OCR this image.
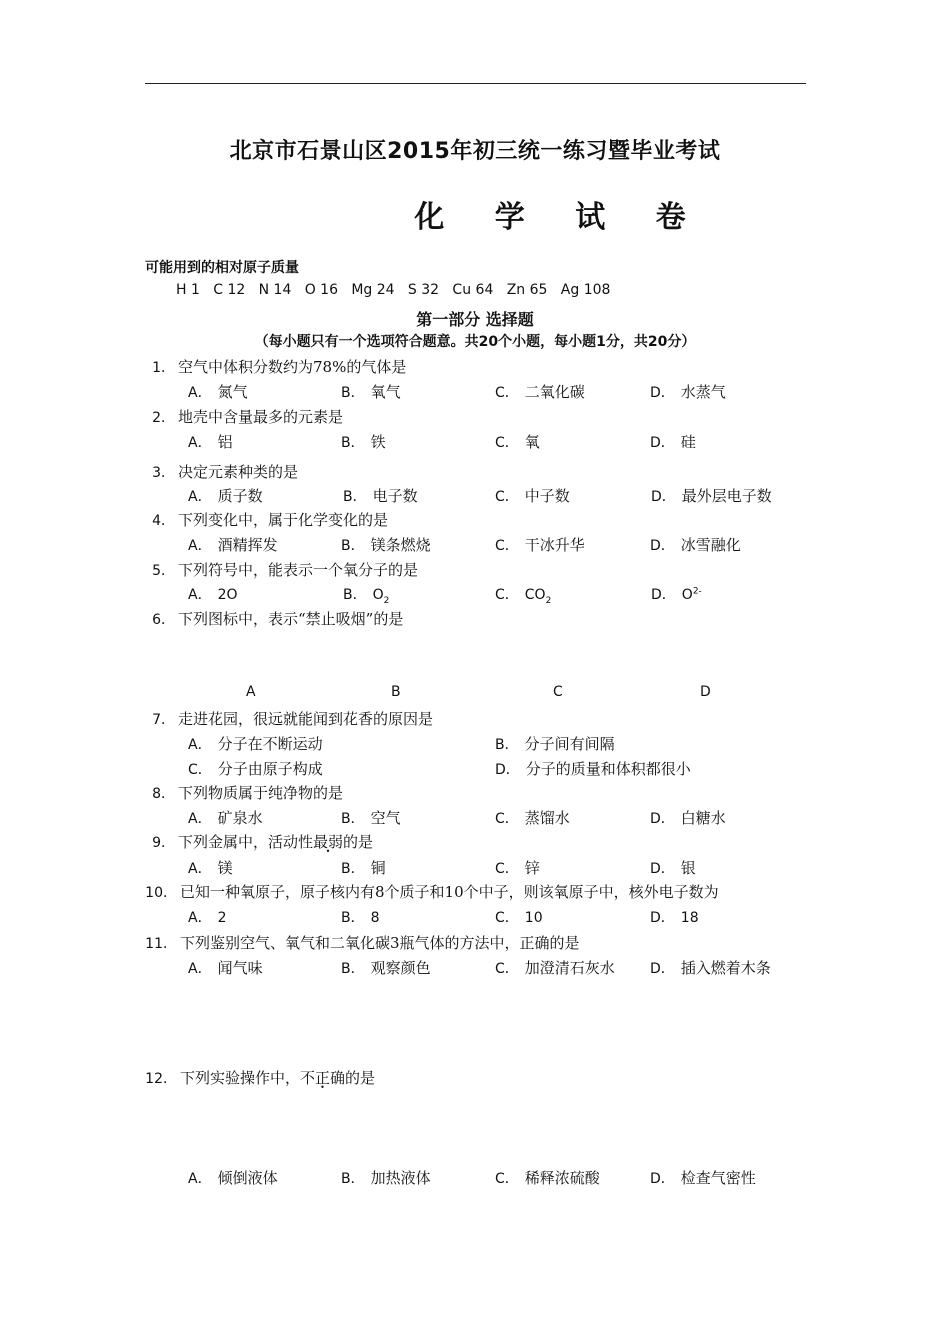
北京市石景山区2015年初三统一练习暨毕业考试
化 学 试 卷
可能用到的相对原子质量
H 1   C 12   N 14   O 16   Mg 24   S 32   Cu 64   Zn 65   Ag 108
第一部分 选择题
（每小题只有一个选项符合题意。共20个小题，每小题1分，共20分）
1． 空气中体积分数约为78%的气体是
A． 氮气	B． 氧气	C． 二氧化碳	D． 水蒸气
2． 地壳中含量最多的元素是
A． 铝	B． 铁	C． 氧	D． 硅
3． 决定元素种类的是
A． 质子数	B． 电子数	C． 中子数	D． 最外层电子数
4． 下列变化中，属于化学变化的是
A． 酒精挥发	B． 镁条燃烧	C． 干冰升华	D． 冰雪融化
5． 下列符号中，能表示一个氧分子的是
A． 2O	B． $O_2$	C． $CO_2$	D． $O^{2-}$
6． 下列图标中，表示“禁止吸烟”的是
A	B	C	D
7． 走进花园，很远就能闻到花香的原因是
A． 分子在不断运动	B． 分子间有间隔
C． 分子由原子构成	D． 分子的质量和体积都很小
8． 下列物质属于纯净物的是
A． 矿泉水	B． 空气	C． 蒸馏水	D． 白糖水
9． 下列金属中，活动性最弱的是
A． 镁	B． 铜	C． 锌	D． 银
10． 已知一种氧原子，原子核内有8个质子和10个中子，则该氧原子中，核外电子数为
A． 2	B． 8	C． 10	D． 18
11． 下列鉴别空气、氧气和二氧化碳3瓶气体的方法中，正确的是
A． 闻气味	B． 观察颜色	C． 加澄清石灰水	D． 插入燃着木条
12． 下列实验操作中，不正确的是
A． 倾倒液体	B． 加热液体	C． 稀释浓硫酸	D． 检查气密性
